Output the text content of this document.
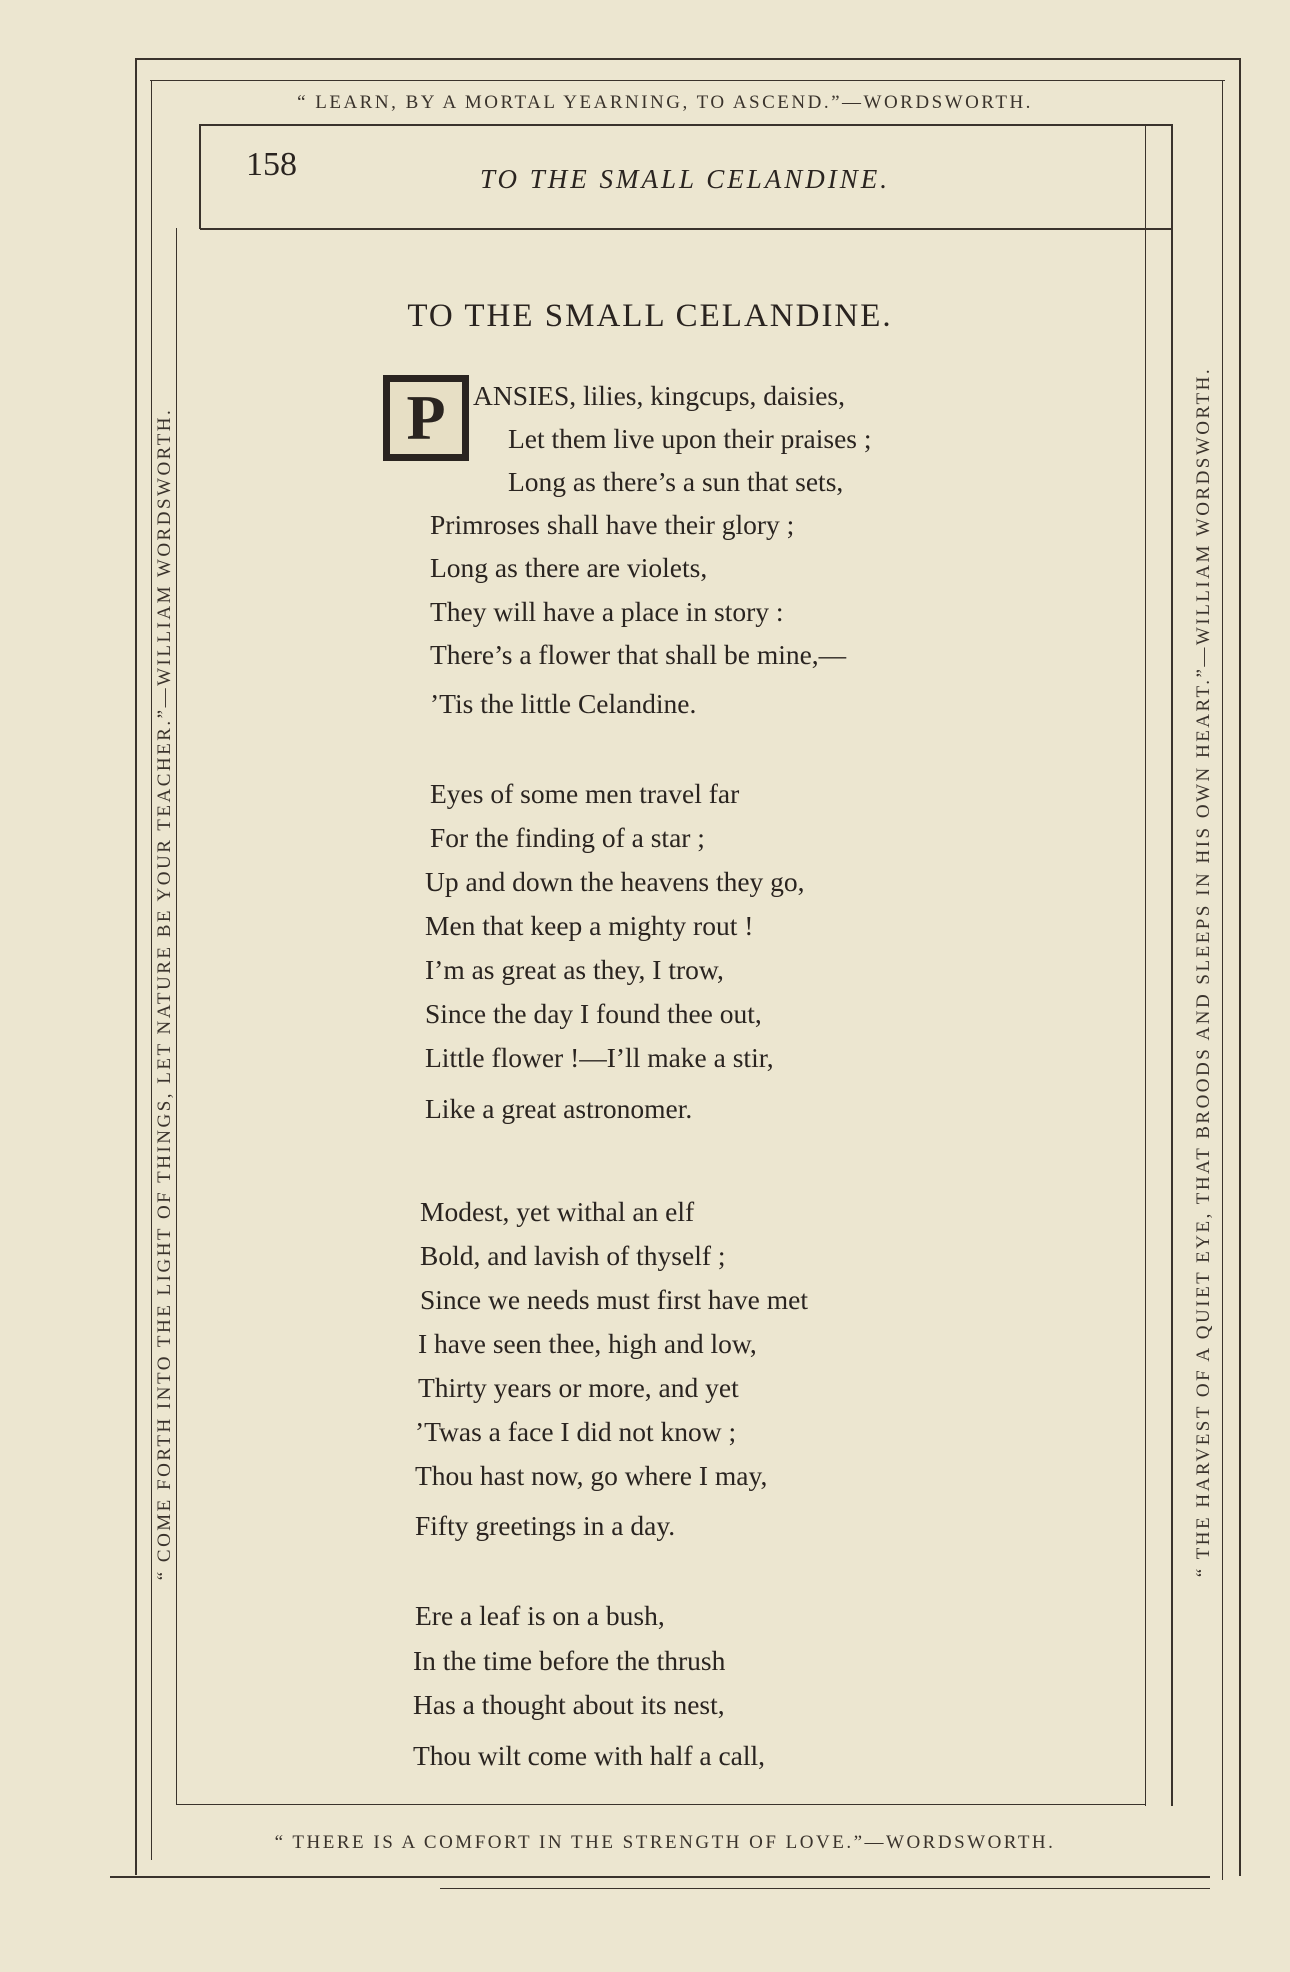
“ LEARN, BY A MORTAL YEARNING, TO ASCEND.”—WORDSWORTH.
“ THERE IS A COMFORT IN THE STRENGTH OF LOVE.”—WORDSWORTH.
“ COME FORTH INTO THE LIGHT OF THINGS, LET NATURE BE YOUR TEACHER.”—WILLIAM WORDSWORTH.	“ THE HARVEST OF A QUIET EYE, THAT BROODS AND SLEEPS IN HIS OWN HEART.”—WILLIAM WORDSWORTH.
158	TO THE SMALL CELANDINE.
TO THE SMALL CELANDINE.
P ANSIES, lilies, kingcups, daisies,
Let them live upon their praises ;
Long as there’s a sun that sets,
Primroses shall have their glory ;
Long as there are violets,
They will have a place in story :
There’s a flower that shall be mine,—
’Tis the little Celandine.
Eyes of some men travel far
For the finding of a star ;
Up and down the heavens they go,
Men that keep a mighty rout !
I’m as great as they, I trow,
Since the day I found thee out,
Little flower !—I’ll make a stir,
Like a great astronomer.
Modest, yet withal an elf
Bold, and lavish of thyself ;
Since we needs must first have met
I have seen thee, high and low,
Thirty years or more, and yet
’Twas a face I did not know ;
Thou hast now, go where I may,
Fifty greetings in a day.
Ere a leaf is on a bush,
In the time before the thrush
Has a thought about its nest,
Thou wilt come with half a call,
